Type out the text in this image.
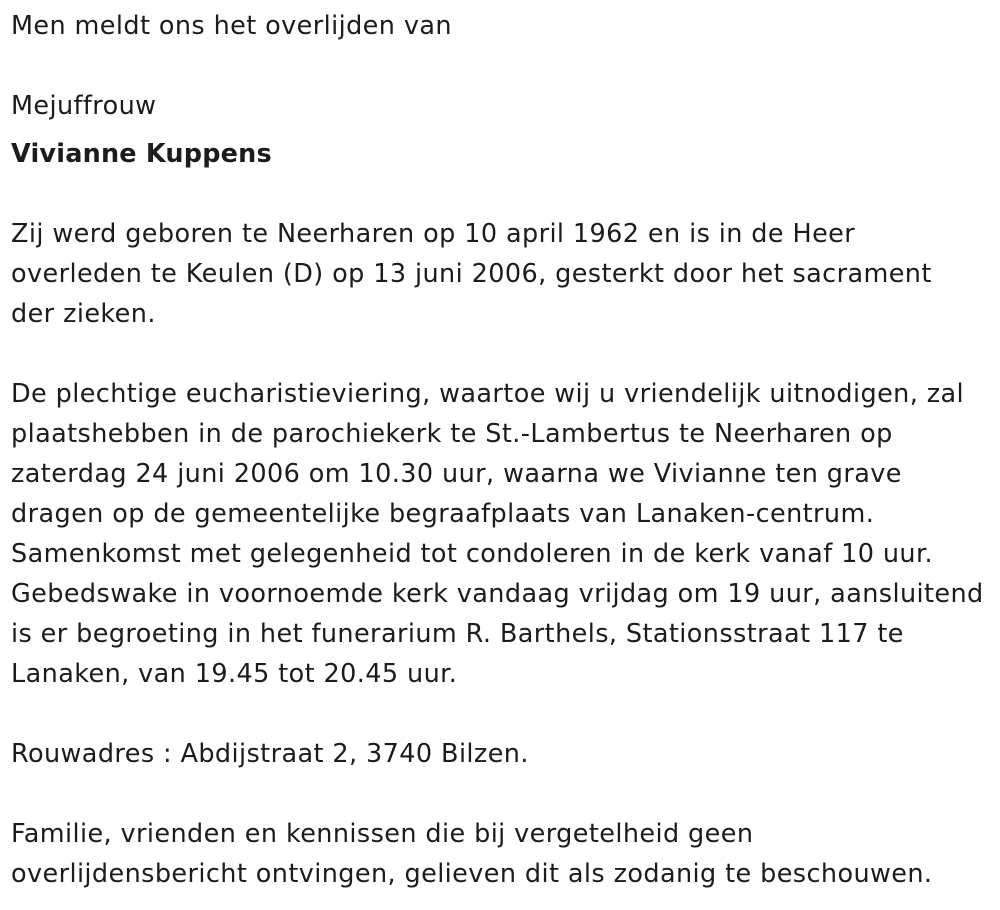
Men meldt ons het overlijden van

Mejuffrouw

Vivianne Kuppens

Zij werd geboren te Neerharen op 10 april 1962 en is in de Heer
overleden te Keulen (D) op 13 juni 2006, gesterkt door het sacrament
der zieken.
De plechtige eucharistieviering, waartoe wij u vriendelijk uitnodigen, zal
plaatshebben in de parochiekerk te St.-Lambertus te Neerharen op
zaterdag 24 juni 2006 om 10.30 uur, waarna we Vivianne ten grave
dragen op de gemeentelijke begraafplaats van Lanaken-centrum.
Samenkomst met gelegenheid tot condoleren in de kerk vanaf 10 uur.
Gebedswake in voornoemde kerk vandaag vrijdag om 19 uur, aansluitend
is er begroeting in het funerarium R. Barthels, Stationsstraat 117 te
Lanaken, van 19.45 tot 20.45 uur.

Rouwadres : Abdijstraat 2, 3740 Bilzen.

Familie, vrienden en kennissen die bij vergetelheid geen
overlijdensbericht ontvingen, gelieven dit als zodanig te beschouwen.
